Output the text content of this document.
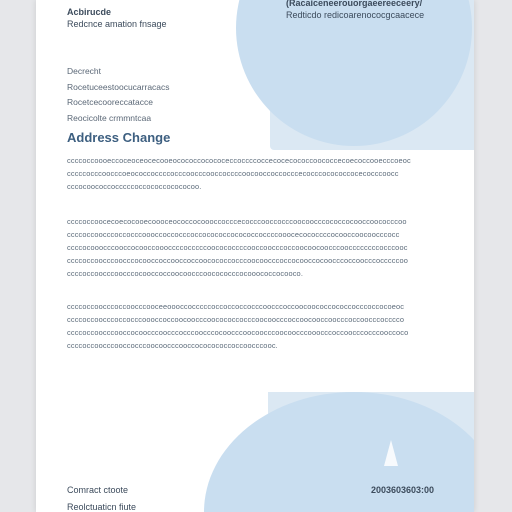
Acbirucde
Redcnce amation fnsage
(Racaiceneerouorgaeereeceery/
Redticdo redicoarenococgcaacece
Decrecht
Rocetuceestoocucarracacs
Rocetcecooreccatacce
Reocicolte crmmntcaa
Address Change
ccccoccoooeccoceoceocecooeocococcocococeccoccccoccecocecococcoococcecoecoccooecccoeoc cccccocccoocccoeococcoccccocccoocccooccoccccoocooccoccocccecocccocococcocecocccoocc cccocoococcocccccoccococcocococoo.
ccccoccoocecoecocooecoooceococcocoooccocccecocccooccocccoocoocccococcocooccoococccoo ccccoccoocccoccocccoooccoccocccoccocococcocococcoccccooocecococcccocooccoocoocccocc ccccocooocccooccocooccoooccccocccccoocococcccooccoocccoccoocoocoocccooccccccccocccooc ccccoccoocccoocccocooccoccooccoccoocococcocccoocoocccoccocooccocoocccoccoocccocccccoo ccccoccoocccoocccocooccoccoocoocccoocococccocooococcocooco.
ccccoccoocccoccoocccooceeoooccocccccoccoccoccocccoocccoccoocoococcococcocccoccocoeoc ccccoccoocccoccocccoooccoccoocoocccoocococcocccoocoocccoccoocooccoocccoccoocccocccco ccccoccoocccooccocoocccoocccocccoocccocoocccoocoocccoocoocccooocccoccoocccocccooccoco ccccoccoocccooccocccoocoocccooccococococcoccoocccooc.
Comract ctoote
Reolctuaticn fiute
2003603603:00
